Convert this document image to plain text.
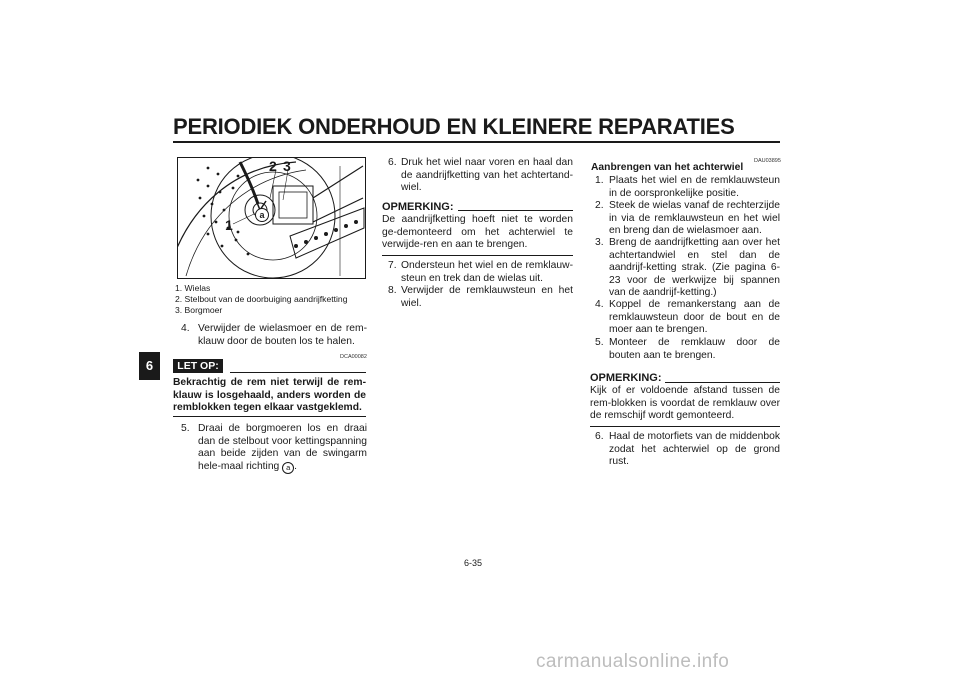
PERIODIEK ONDERHOUD EN KLEINERE REPARATIES
6
2 3
1
a
1. Wielas
2. Stelbout van de doorbuiging aandrijfketting
3. Borgmoer
4. Verwijder de wielasmoer en de rem-klauw door de bouten los te halen.
DCA00082
LET OP:
Bekrachtig de rem niet terwijl de rem-klauw is losgehaald, anders worden de remblokken tegen elkaar vastgeklemd.
5. Draai de borgmoeren los en draai dan de stelbout voor kettingspanning aan beide zijden van de swingarm hele-maal richting a .
6. Druk het wiel naar voren en haal dan de aandrijfketting van het achtertand-wiel.
OPMERKING:
De aandrijfketting hoeft niet te worden ge-demonteerd om het achterwiel te verwijde-ren en aan te brengen.
7. Ondersteun het wiel en de remklauw-steun en trek dan de wielas uit.
8. Verwijder de remklauwsteun en het wiel.
DAU03895
Aanbrengen van het achterwiel
1. Plaats het wiel en de remklauwsteun in de oorspronkelijke positie.
2. Steek de wielas vanaf de rechterzijde in via de remklauwsteun en het wiel en breng dan de wielasmoer aan.
3. Breng de aandrijfketting aan over het achtertandwiel en stel dan de aandrijf-ketting strak. (Zie pagina 6-23 voor de werkwijze bij spannen van de aandrijf-ketting.)
4. Koppel de remankerstang aan de remklauwsteun door de bout en de moer aan te brengen.
5. Monteer de remklauw door de bouten aan te brengen.
OPMERKING:
Kijk of er voldoende afstand tussen de rem-blokken is voordat de remklauw over de remschijf wordt gemonteerd.
6. Haal de motorfiets van de middenbok zodat het achterwiel op de grond rust.
6-35
carmanualsonline.info
